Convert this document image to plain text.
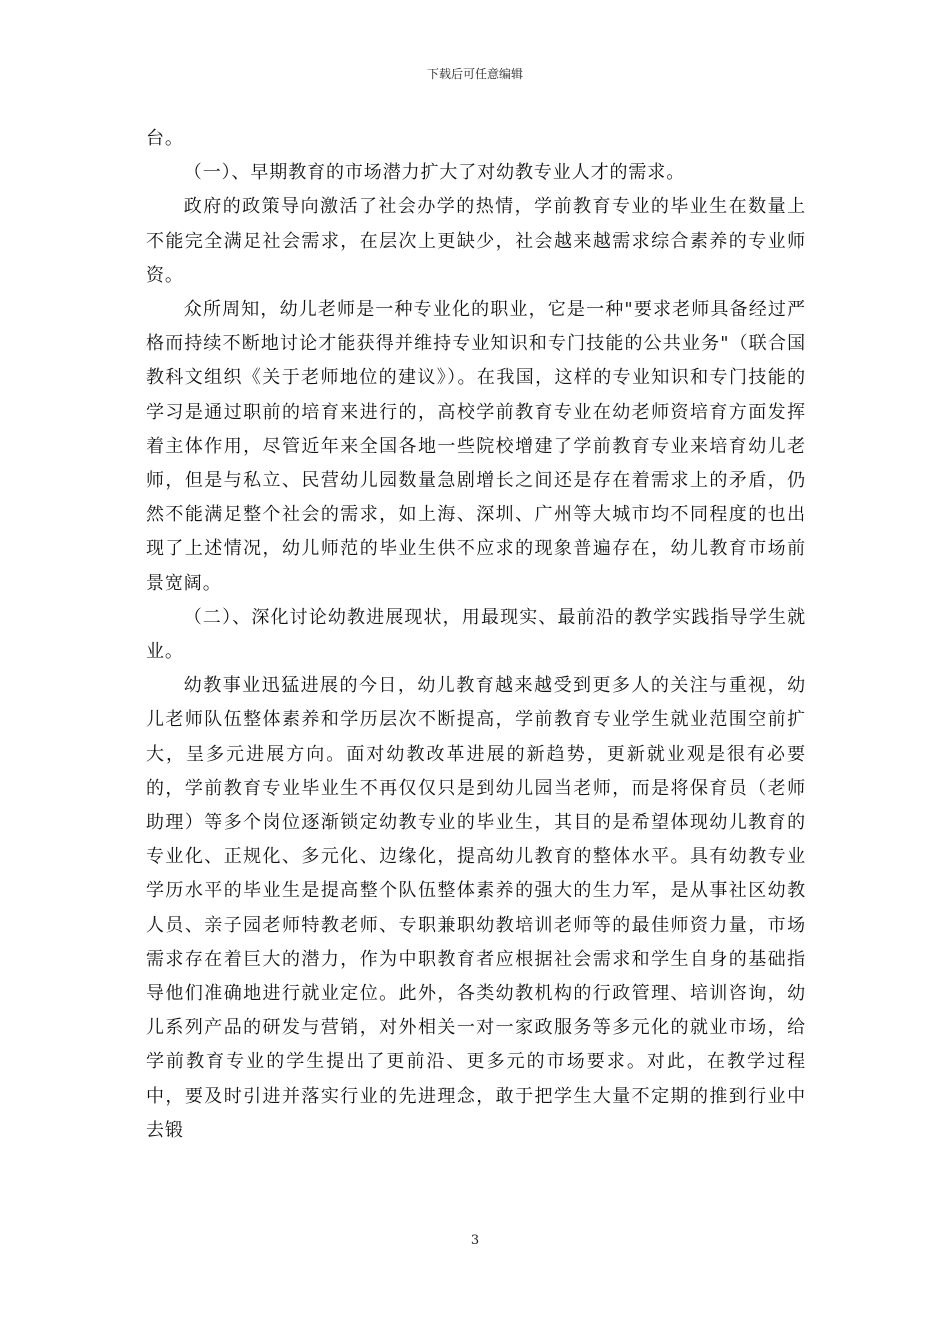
下载后可任意编辑

台。

（一）、早期教育的市场潜力扩大了对幼教专业人才的需求。

政府的政策导向激活了社会办学的热情，学前教育专业的毕业生在数量上不能完全满足社会需求，在层次上更缺少，社会越来越需求综合素养的专业师资。

众所周知，幼儿老师是一种专业化的职业，它是一种"要求老师具备经过严格而持续不断地讨论才能获得并维持专业知识和专门技能的公共业务"（联合国教科文组织《关于老师地位的建议》）。在我国，这样的专业知识和专门技能的学习是通过职前的培育来进行的，高校学前教育专业在幼老师资培育方面发挥着主体作用，尽管近年来全国各地一些院校增建了学前教育专业来培育幼儿老师，但是与私立、民营幼儿园数量急剧增长之间还是存在着需求上的矛盾，仍然不能满足整个社会的需求，如上海、深圳、广州等大城市均不同程度的也出现了上述情况，幼儿师范的毕业生供不应求的现象普遍存在，幼儿教育市场前景宽阔。

（二）、深化讨论幼教进展现状，用最现实、最前沿的教学实践指导学生就业。

幼教事业迅猛进展的今日，幼儿教育越来越受到更多人的关注与重视，幼儿老师队伍整体素养和学历层次不断提高，学前教育专业学生就业范围空前扩大，呈多元进展方向。面对幼教改革进展的新趋势，更新就业观是很有必要的，学前教育专业毕业生不再仅仅只是到幼儿园当老师，而是将保育员（老师助理）等多个岗位逐渐锁定幼教专业的毕业生，其目的是希望体现幼儿教育的专业化、正规化、多元化、边缘化，提高幼儿教育的整体水平。具有幼教专业学历水平的毕业生是提高整个队伍整体素养的强大的生力军，是从事社区幼教人员、亲子园老师特教老师、专职兼职幼教培训老师等的最佳师资力量，市场需求存在着巨大的潜力，作为中职教育者应根据社会需求和学生自身的基础指导他们准确地进行就业定位。此外，各类幼教机构的行政管理、培训咨询，幼儿系列产品的研发与营销，对外相关一对一家政服务等多元化的就业市场，给学前教育专业的学生提出了更前沿、更多元的市场要求。对此，在教学过程中，要及时引进并落实行业的先进理念，敢于把学生大量不定期的推到行业中去锻

3
